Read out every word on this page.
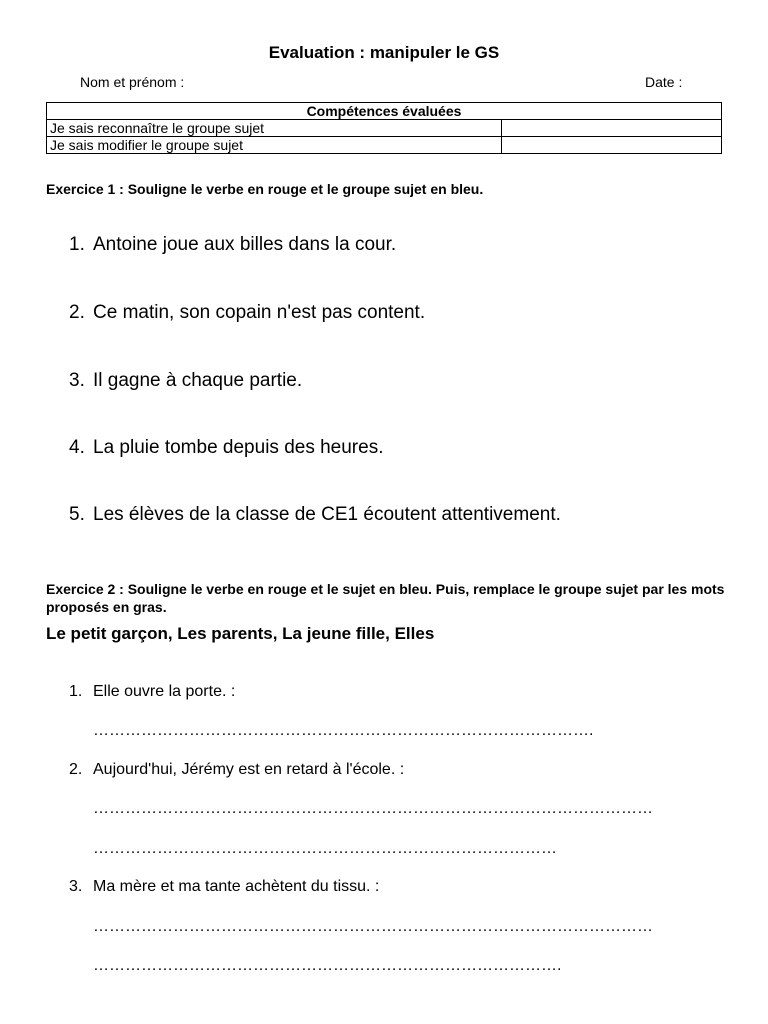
Evaluation : manipuler le GS
Nom et prénom :	Date :
Compétences évaluées	
Je sais reconnaître le groupe sujet	
Je sais modifier le groupe sujet	
Exercice 1 : Souligne le verbe en rouge et le groupe sujet en bleu.
1. Antoine joue aux billes dans la cour.
2. Ce matin, son copain n'est pas content.
3. Il gagne à chaque partie.
4. La pluie tombe depuis des heures.
5. Les élèves de la classe de CE1 écoutent attentivement.
Exercice 2 : Souligne le verbe en rouge et le sujet en bleu. Puis, remplace le groupe sujet par les mots proposés en gras.
Le petit garçon, Les parents, La jeune fille, Elles
1. Elle ouvre la porte. :
………………………………………………………………………………….
2. Aujourd'hui, Jérémy est en retard à l'école. :
……………………………………………………………………………………………
……………………………………………………………………………
3. Ma mère et ma tante achètent du tissu. :
……………………………………………………………………………………………
…………………………………………………………………………….
